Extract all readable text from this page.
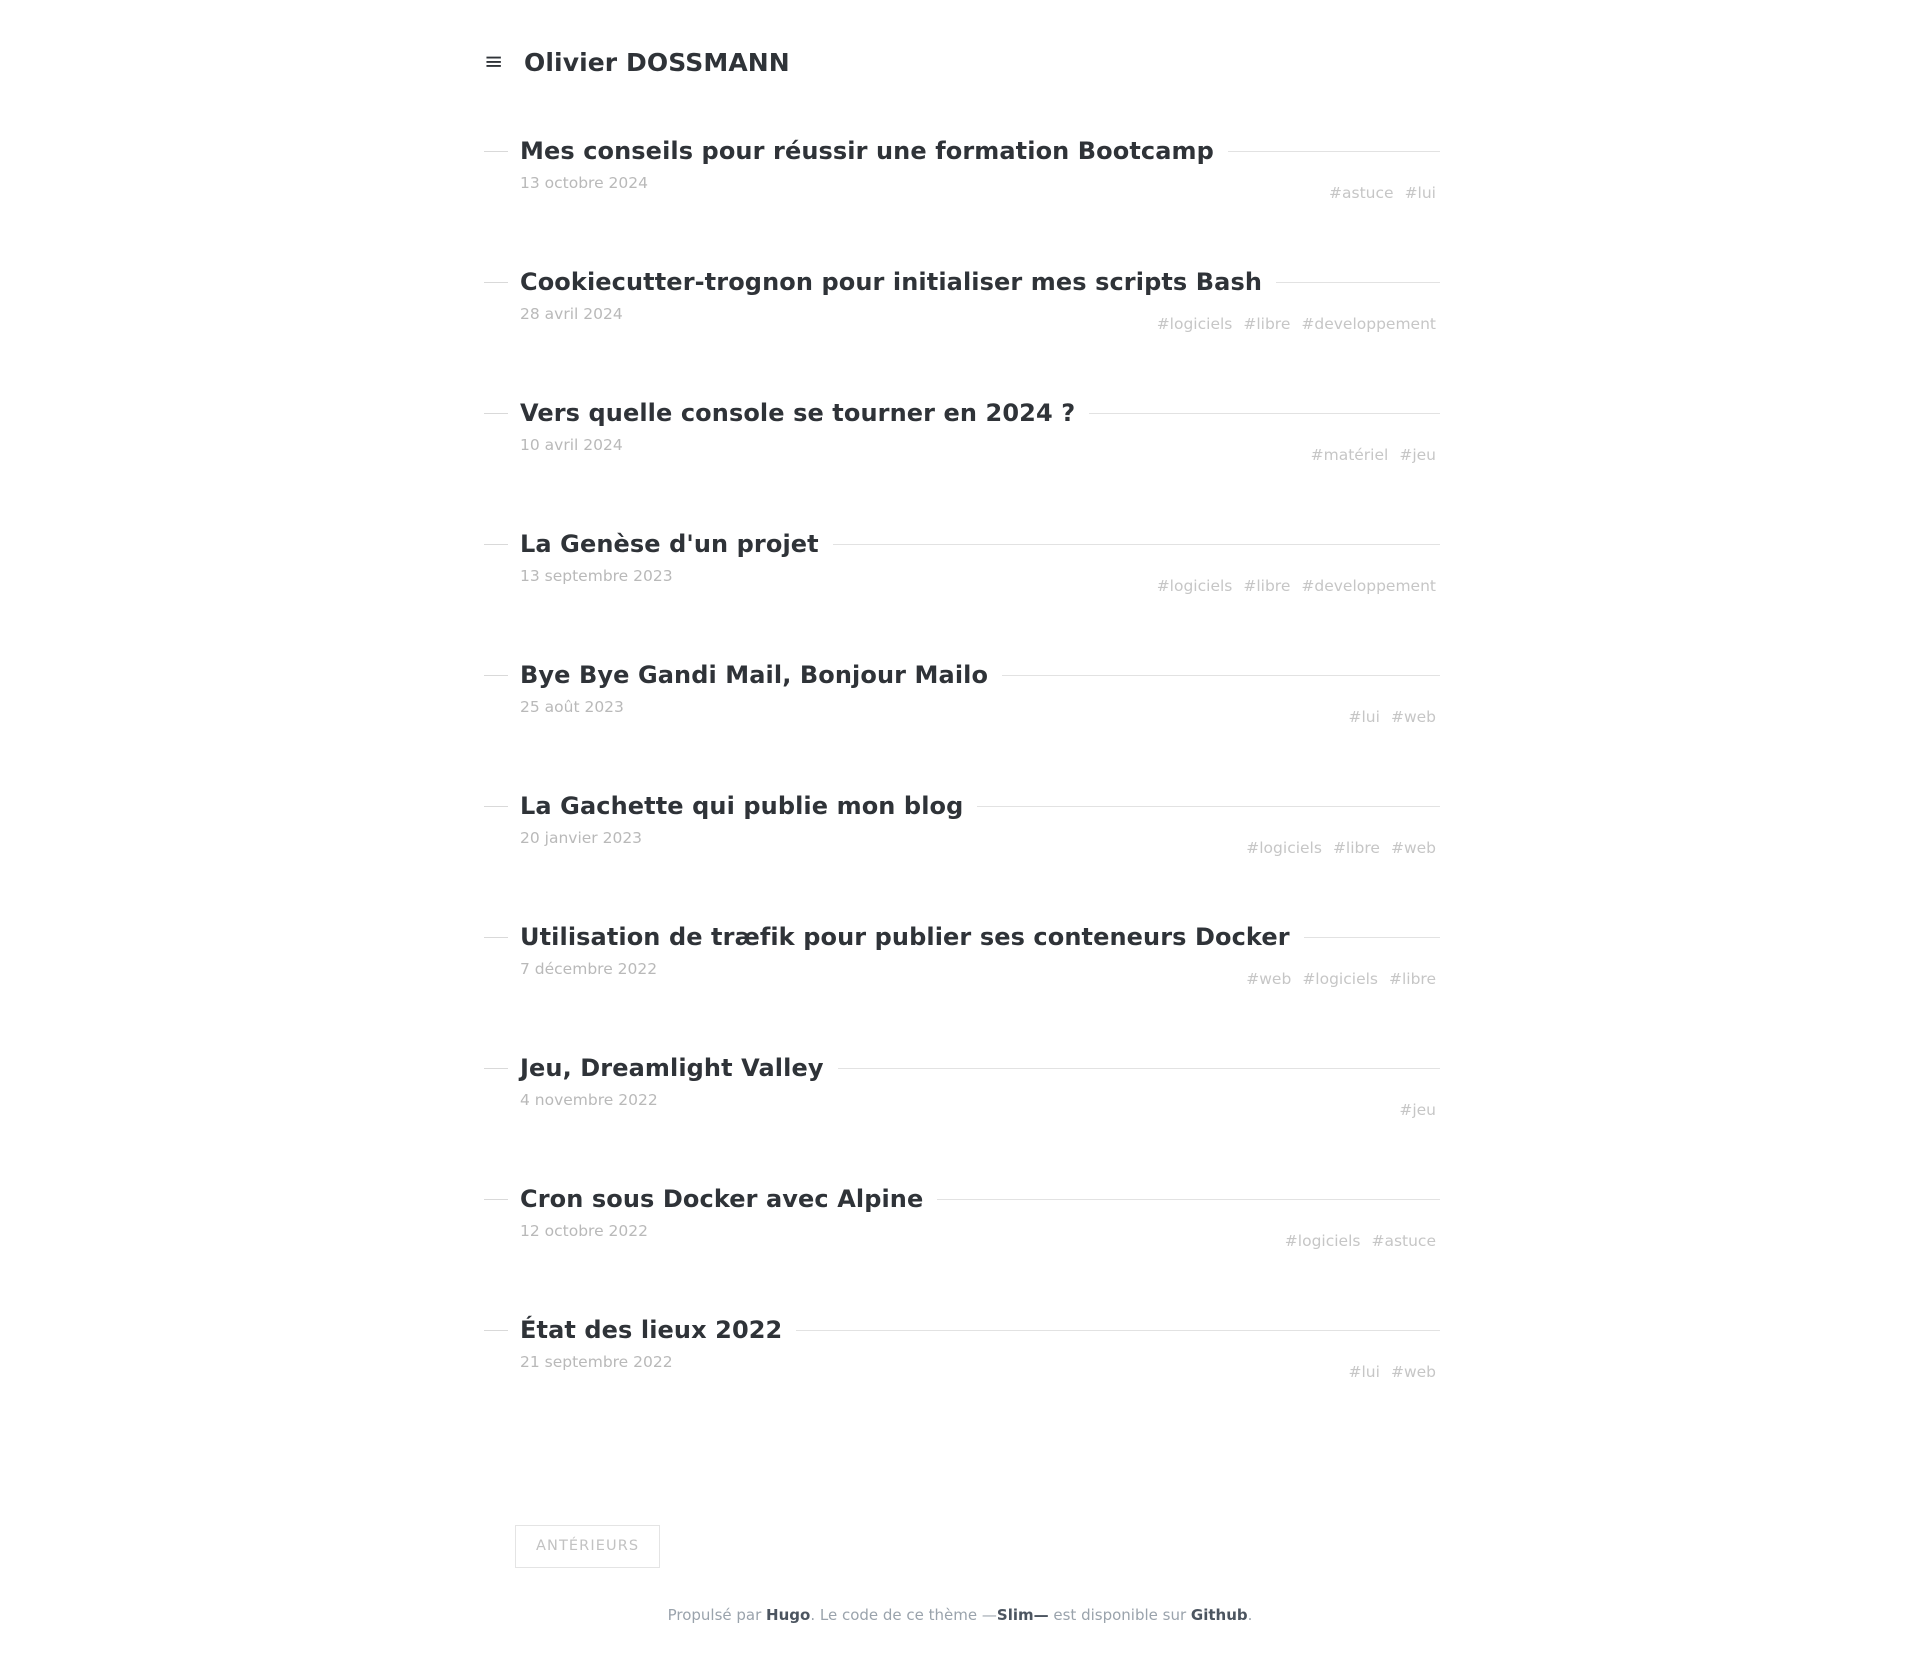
≡ Olivier DOSSMANN
Mes conseils pour réussir une formation Bootcamp
13 octobre 2024
#astuce #lui
Cookiecutter-trognon pour initialiser mes scripts Bash
28 avril 2024
#logiciels #libre #developpement
Vers quelle console se tourner en 2024 ?
10 avril 2024
#matériel #jeu
La Genèse d'un projet
13 septembre 2023
#logiciels #libre #developpement
Bye Bye Gandi Mail, Bonjour Mailo
25 août 2023
#lui #web
La Gachette qui publie mon blog
20 janvier 2023
#logiciels #libre #web
Utilisation de træfik pour publier ses conteneurs Docker
7 décembre 2022
#web #logiciels #libre
Jeu, Dreamlight Valley
4 novembre 2022
#jeu
Cron sous Docker avec Alpine
12 octobre 2022
#logiciels #astuce
État des lieux 2022
21 septembre 2022
#lui #web
ANTÉRIEURS
Propulsé par Hugo. Le code de ce thème —Slim— est disponible sur Github.
